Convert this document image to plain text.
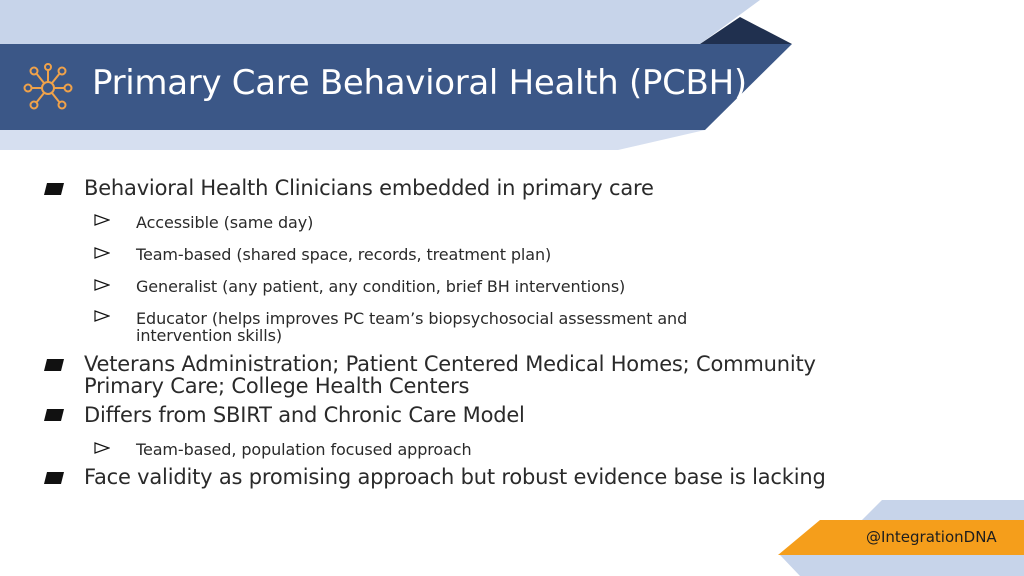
Primary Care Behavioral Health (PCBH)
Behavioral Health Clinicians embedded in primary care
Accessible (same day)
Team-based (shared space, records, treatment plan)
Generalist (any patient, any condition, brief BH interventions)
Educator (helps improves PC team’s biopsychosocial assessment and intervention skills)
Veterans Administration; Patient Centered Medical Homes; Community Primary Care; College Health Centers
Differs from SBIRT and Chronic Care Model
Team-based, population focused approach
Face validity as promising approach but robust evidence base is lacking
@IntegrationDNA
